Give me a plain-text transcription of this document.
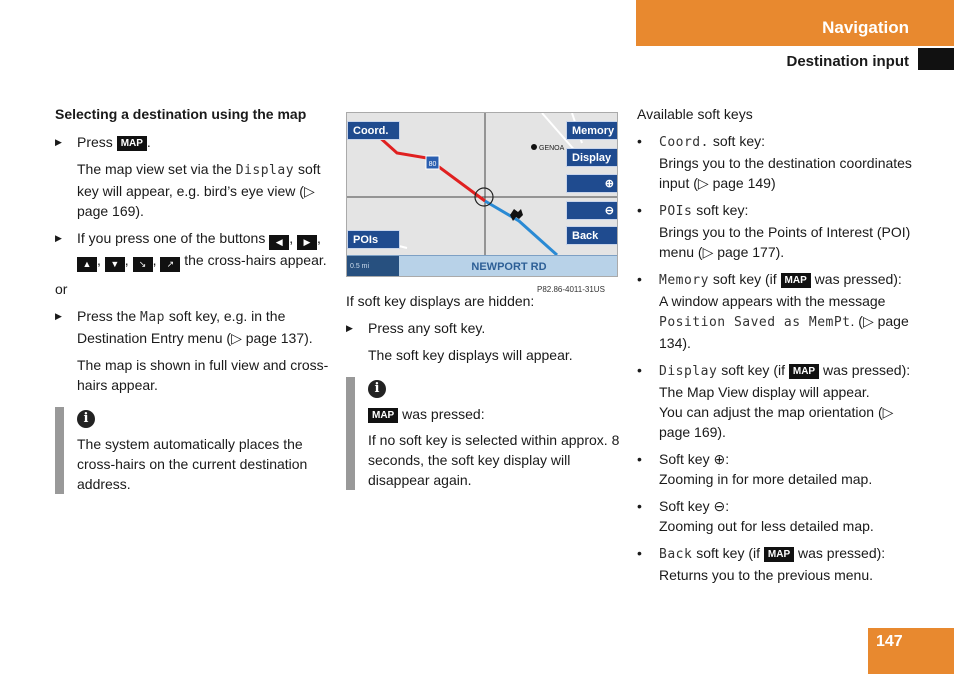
Navigation
Destination input
Selecting a destination using the map
▶ Press MAP .
The map view set via the Display soft key will appear, e.g. bird’s eye view (▷ page 169).
▶ If you press one of the buttons ◀ , ▶ , ▲ , ▼ , ↘ , ↗ the cross-hairs appear.
or
▶ Press the Map soft key, e.g. in the Destination Entry menu (▷ page 137).
The map is shown in full view and cross-hairs appear.
i
The system automatically places the cross-hairs on the current destination address.
80
GENOA
Coord.	Memory
Display
⊕
⊖
POIs	Back
0.5 mi	NEWPORT RD
P82.86-4011-31US
If soft key displays are hidden:
▶ Press any soft key.
The soft key displays will appear.
i
MAP was pressed:
If no soft key is selected within approx. 8 seconds, the soft key display will disappear again.
Available soft keys
• Coord. soft key:
Brings you to the destination coordinates input (▷ page 149)
• POIs soft key:
Brings you to the Points of Interest (POI) menu (▷ page 177).
• Memory soft key (if MAP was pressed):
A window appears with the message Position Saved as MemPt. (▷ page 134).
• Display soft key (if MAP was pressed):
The Map View display will appear.
You can adjust the map orientation (▷ page 169).
• Soft key ⊕:
Zooming in for more detailed map.
• Soft key ⊖:
Zooming out for less detailed map.
• Back soft key (if MAP was pressed):
Returns you to the previous menu.
147
